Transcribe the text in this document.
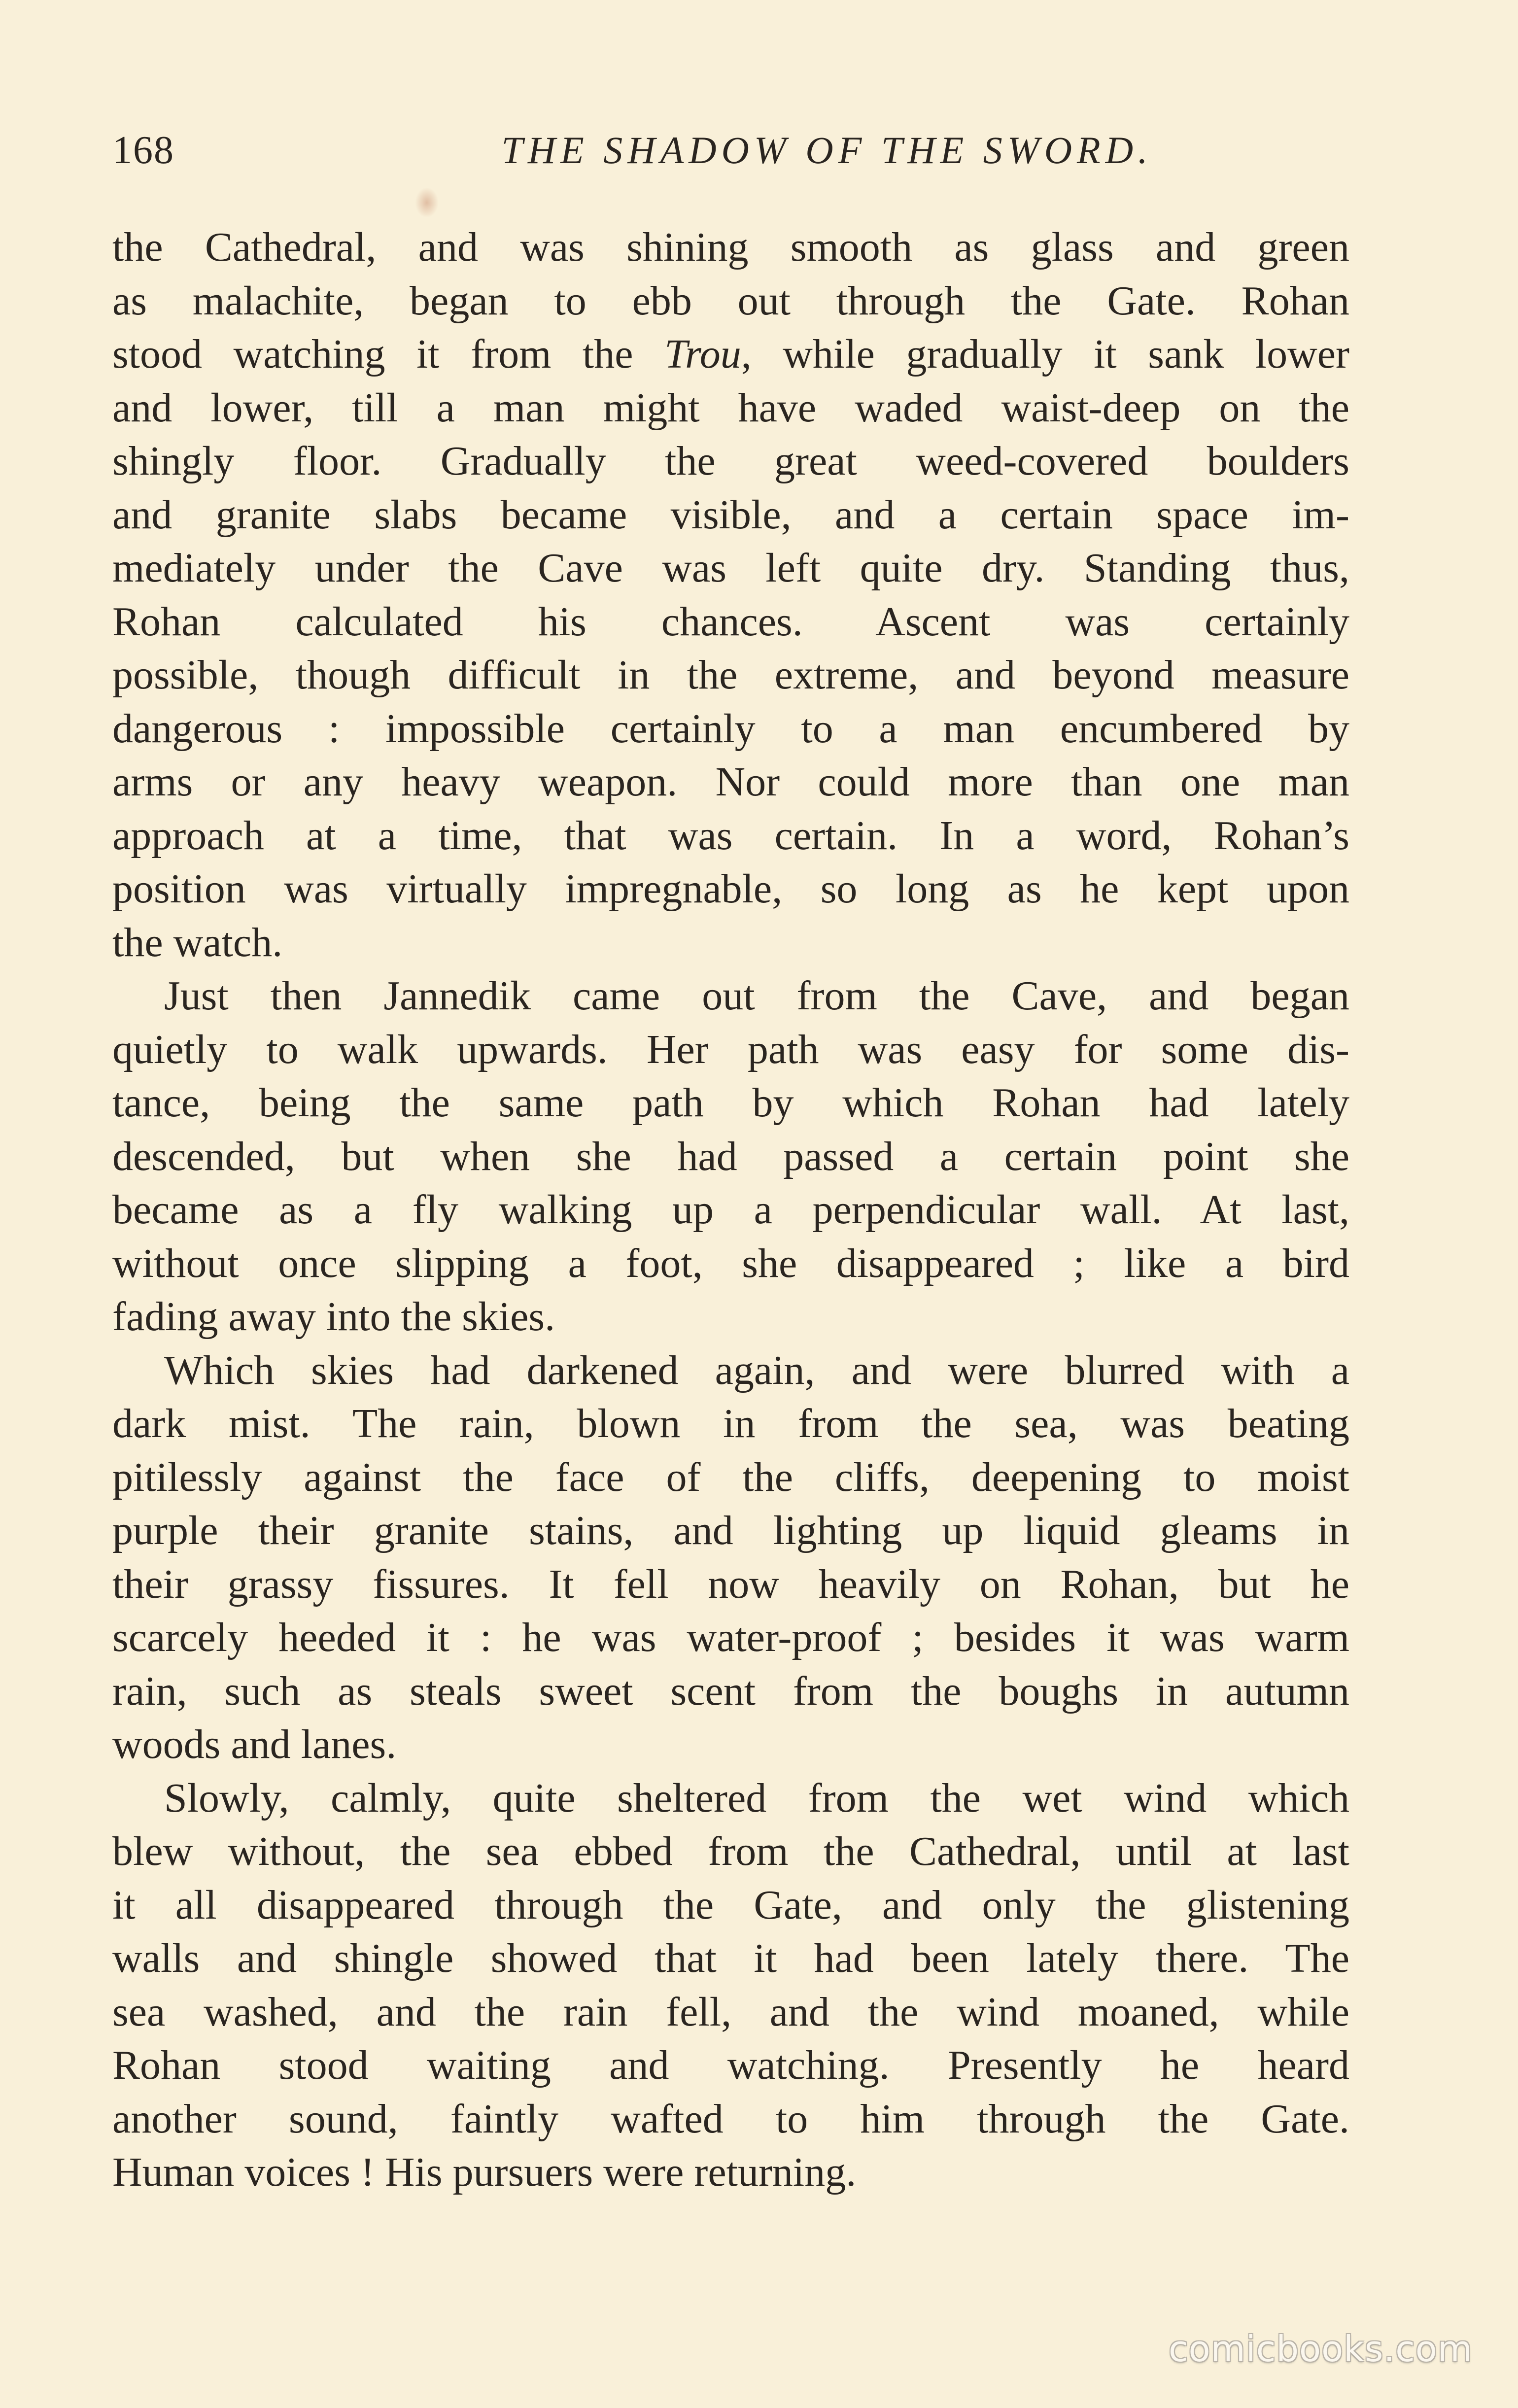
168	THE SHADOW OF THE SWORD.
the Cathedral, and was shining smooth as glass and green
as malachite, began to ebb out through the Gate. Rohan
stood watching it from the Trou, while gradually it sank lower
and lower, till a man might have waded waist-deep on the
shingly floor. Gradually the great weed-covered boulders
and granite slabs became visible, and a certain space im-
mediately under the Cave was left quite dry. Standing thus,
Rohan calculated his chances. Ascent was certainly
possible, though difficult in the extreme, and beyond measure
dangerous : impossible certainly to a man encumbered by
arms or any heavy weapon. Nor could more than one man
approach at a time, that was certain. In a word, Rohan’s
position was virtually impregnable, so long as he kept upon
the watch.
Just then Jannedik came out from the Cave, and began
quietly to walk upwards. Her path was easy for some dis-
tance, being the same path by which Rohan had lately
descended, but when she had passed a certain point she
became as a fly walking up a perpendicular wall. At last,
without once slipping a foot, she disappeared ; like a bird
fading away into the skies.
Which skies had darkened again, and were blurred with a
dark mist. The rain, blown in from the sea, was beating
pitilessly against the face of the cliffs, deepening to moist
purple their granite stains, and lighting up liquid gleams in
their grassy fissures. It fell now heavily on Rohan, but he
scarcely heeded it : he was water-proof ; besides it was warm
rain, such as steals sweet scent from the boughs in autumn
woods and lanes.
Slowly, calmly, quite sheltered from the wet wind which
blew without, the sea ebbed from the Cathedral, until at last
it all disappeared through the Gate, and only the glistening
walls and shingle showed that it had been lately there. The
sea washed, and the rain fell, and the wind moaned, while
Rohan stood waiting and watching. Presently he heard
another sound, faintly wafted to him through the Gate.
Human voices ! His pursuers were returning.
comicbooks.com
